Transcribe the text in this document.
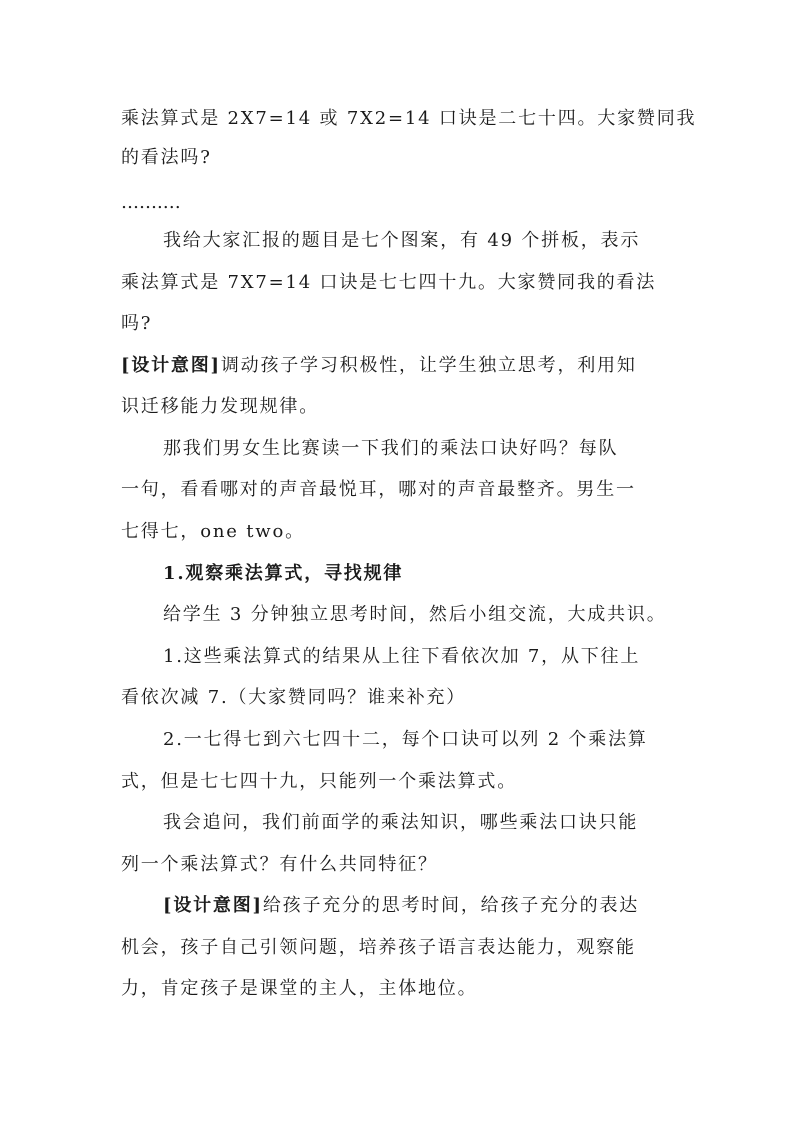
乘法算式是 2X7=14 或 7X2=14 口诀是二七十四。大家赞同我
的看法吗?
…….…
我给大家汇报的题目是七个图案，有 49 个拼板，表示
乘法算式是 7X7=14 口诀是七七四十九。大家赞同我的看法
吗?
[设计意图]调动孩子学习积极性，让学生独立思考，利用知
识迁移能力发现规律。
那我们男女生比赛读一下我们的乘法口诀好吗？每队
一句，看看哪对的声音最悦耳，哪对的声音最整齐。男生一
七得七，one two。
1.观察乘法算式，寻找规律
给学生 3 分钟独立思考时间，然后小组交流，大成共识。
1.这些乘法算式的结果从上往下看依次加 7，从下往上
看依次减 7.（大家赞同吗？谁来补充）
2.一七得七到六七四十二，每个口诀可以列 2 个乘法算
式，但是七七四十九，只能列一个乘法算式。
我会追问，我们前面学的乘法知识，哪些乘法口诀只能
列一个乘法算式？有什么共同特征？
[设计意图]给孩子充分的思考时间，给孩子充分的表达
机会，孩子自己引领问题，培养孩子语言表达能力，观察能
力，肯定孩子是课堂的主人，主体地位。
